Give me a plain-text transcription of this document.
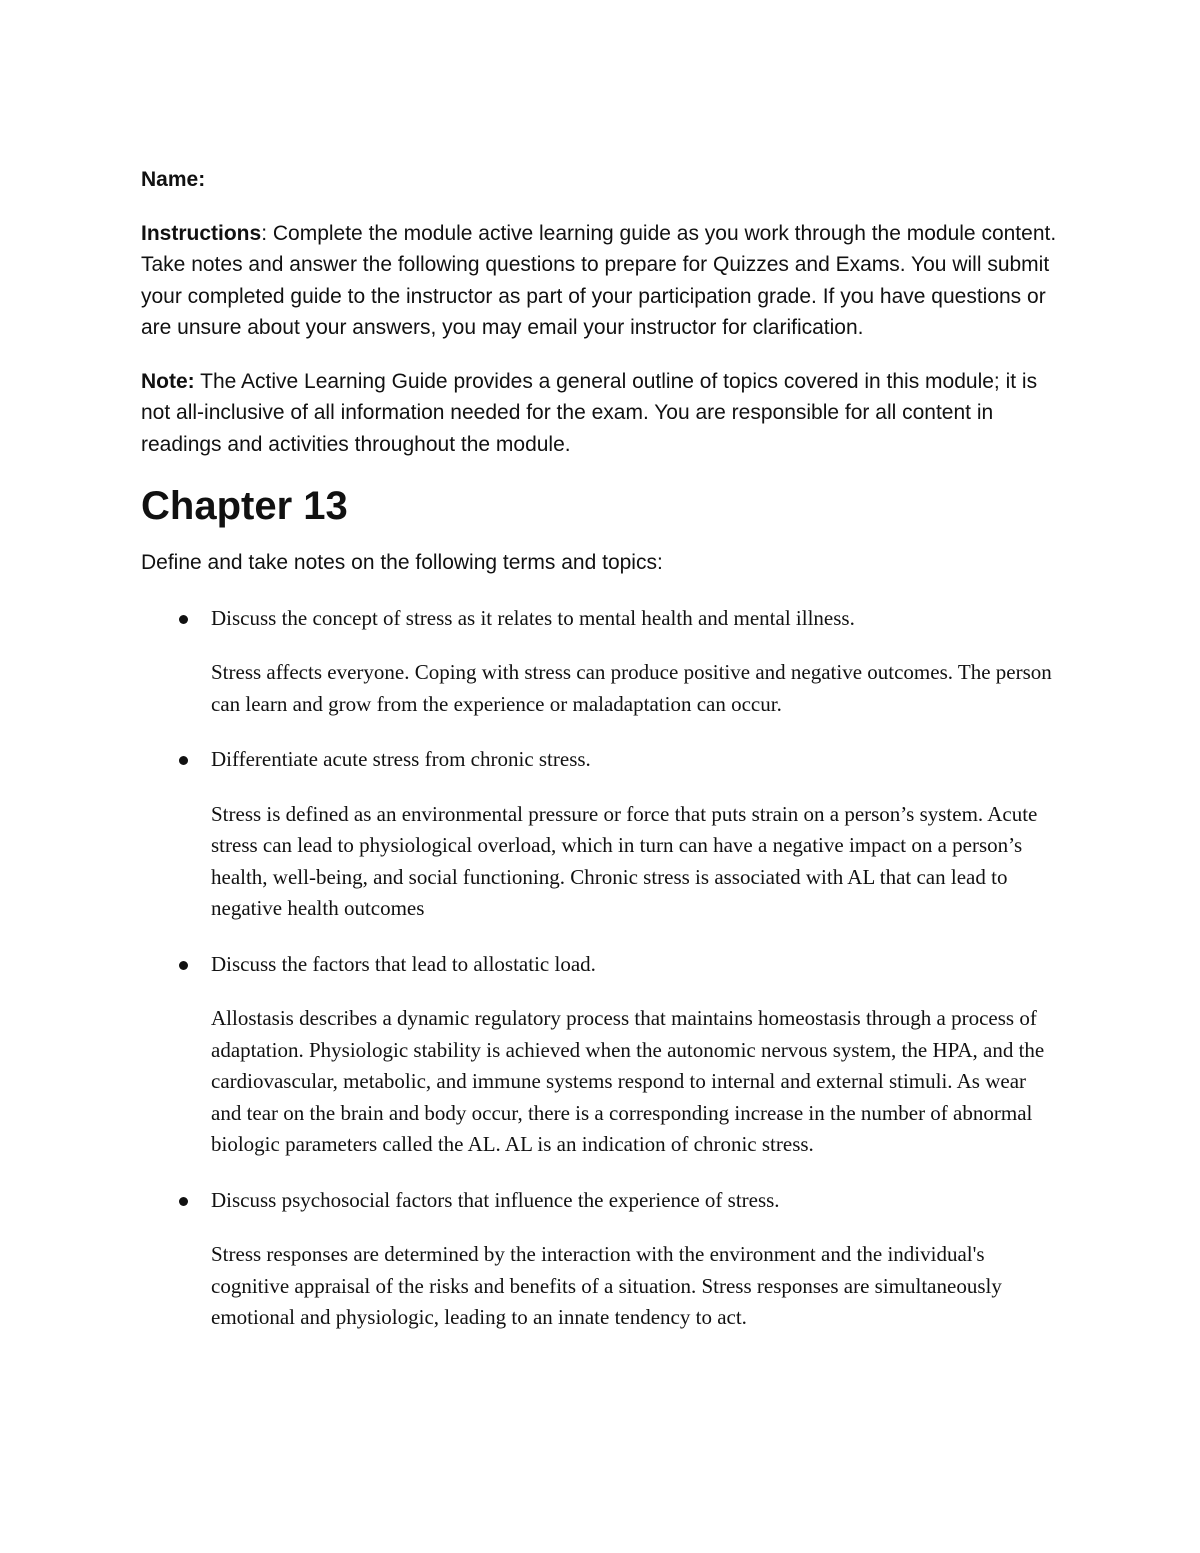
Name:

Instructions: Complete the module active learning guide as you work through the module content. Take notes and answer the following questions to prepare for Quizzes and Exams. You will submit your completed guide to the instructor as part of your participation grade. If you have questions or are unsure about your answers, you may email your instructor for clarification.

Note: The Active Learning Guide provides a general outline of topics covered in this module; it is not all-inclusive of all information needed for the exam. You are responsible for all content in readings and activities throughout the module.

Chapter 13

Define and take notes on the following terms and topics:

Discuss the concept of stress as it relates to mental health and mental illness.

Stress affects everyone. Coping with stress can produce positive and negative outcomes. The person can learn and grow from the experience or maladaptation can occur.

Differentiate acute stress from chronic stress.

Stress is defined as an environmental pressure or force that puts strain on a person’s system. Acute stress can lead to physiological overload, which in turn can have a negative impact on a person’s health, well-being, and social functioning. Chronic stress is associated with AL that can lead to negative health outcomes

Discuss the factors that lead to allostatic load.

Allostasis describes a dynamic regulatory process that maintains homeostasis through a process of adaptation. Physiologic stability is achieved when the autonomic nervous system, the HPA, and the cardiovascular, metabolic, and immune systems respond to internal and external stimuli. As wear and tear on the brain and body occur, there is a corresponding increase in the number of abnormal biologic parameters called the AL. AL is an indication of chronic stress.

Discuss psychosocial factors that influence the experience of stress.

Stress responses are determined by the interaction with the environment and the individual's cognitive appraisal of the risks and benefits of a situation. Stress responses are simultaneously emotional and physiologic, leading to an innate tendency to act.
